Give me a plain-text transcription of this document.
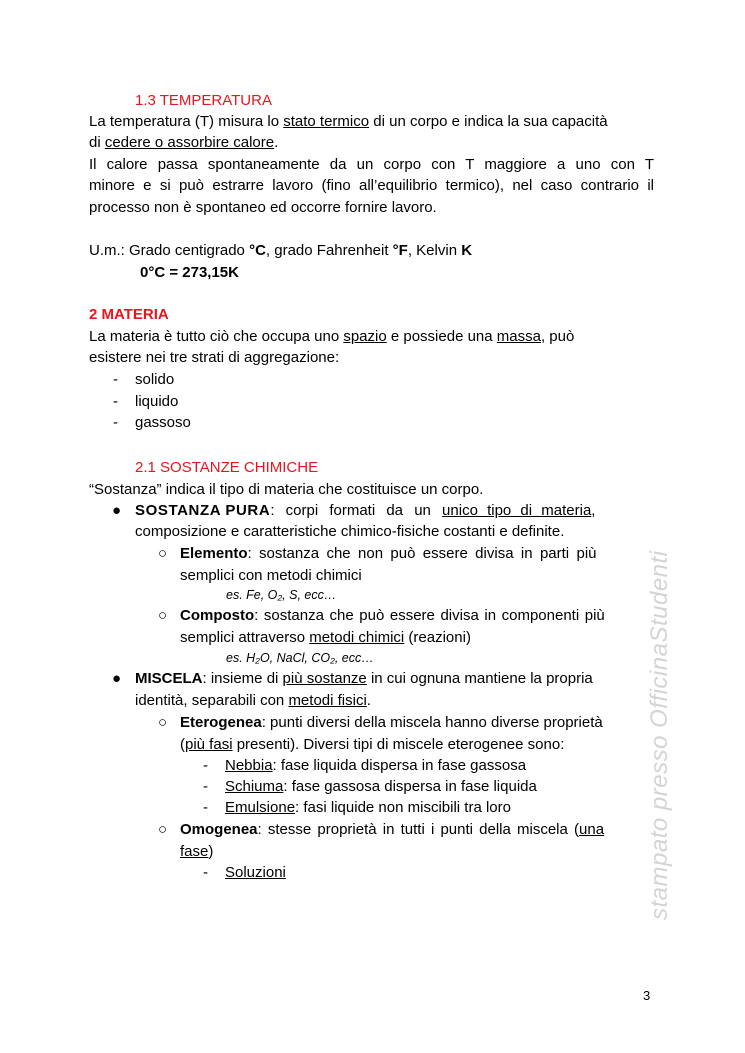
1.3 TEMPERATURA
La temperatura (T) misura lo stato termico di un corpo e indica la sua capacità
di cedere o assorbire calore.
Il calore passa spontaneamente da un corpo con T maggiore a uno con T
minore e si può estrarre lavoro (fino all’equilibrio termico), nel caso contrario il
processo non è spontaneo ed occorre fornire lavoro.
U.m.: Grado centigrado °C, grado Fahrenheit °F, Kelvin K
0°C = 273,15K
2 MATERIA
La materia è tutto ciò che occupa uno spazio e possiede una massa, può
esistere nei tre strati di aggregazione:
- solido
- liquido
- gassoso
2.1 SOSTANZE CHIMICHE
“Sostanza” indica il tipo di materia che costituisce un corpo.
● SOSTANZA PURA: corpi formati da un unico tipo di materia,
composizione e caratteristiche chimico-fisiche costanti e definite.
○ Elemento: sostanza che non può essere divisa in parti più
semplici con metodi chimici
es. Fe, O₂, S, ecc…
○ Composto: sostanza che può essere divisa in componenti più
semplici attraverso metodi chimici (reazioni)
es. H₂O, NaCl, CO₂, ecc…
● MISCELA: insieme di più sostanze in cui ognuna mantiene la propria
identità, separabili con metodi fisici.
○ Eterogenea: punti diversi della miscela hanno diverse proprietà
(più fasi presenti). Diversi tipi di miscele eterogenee sono:
- Nebbia: fase liquida dispersa in fase gassosa
- Schiuma: fase gassosa dispersa in fase liquida
- Emulsione: fasi liquide non miscibili tra loro
○ Omogenea: stesse proprietà in tutti i punti della miscela (una
fase)
- Soluzioni	stampato presso OfficinaStudenti
3
